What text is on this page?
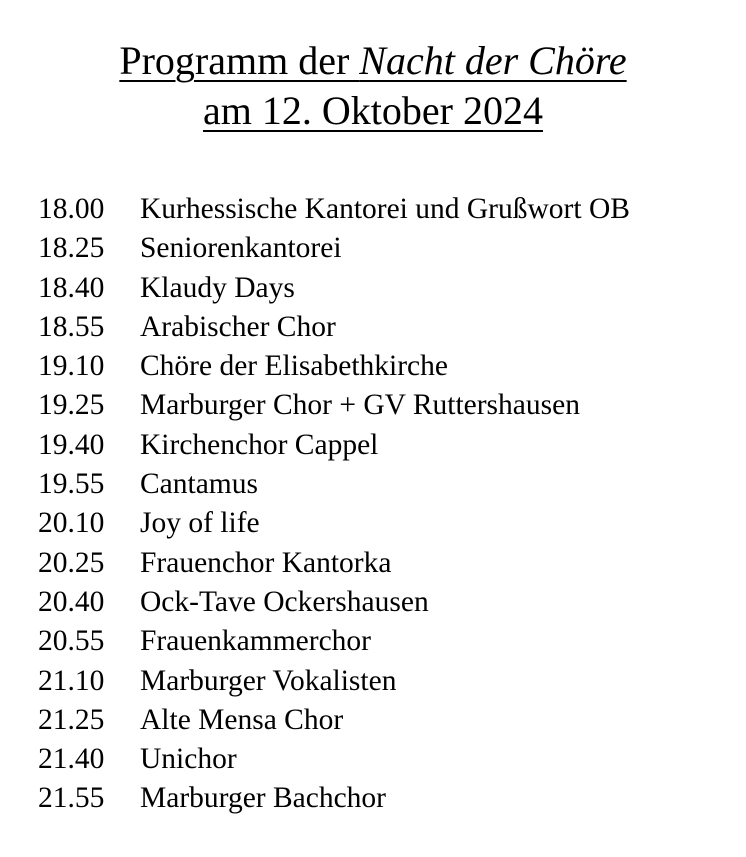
Programm der Nacht der Chöre
am 12. Oktober 2024
18.00	Kurhessische Kantorei und Grußwort OB
18.25	Seniorenkantorei
18.40	Klaudy Days
18.55	Arabischer Chor
19.10	Chöre der Elisabethkirche
19.25	Marburger Chor + GV Ruttershausen
19.40	Kirchenchor Cappel
19.55	Cantamus
20.10	Joy of life
20.25	Frauenchor Kantorka
20.40	Ock-Tave Ockershausen
20.55	Frauenkammerchor
21.10	Marburger Vokalisten
21.25	Alte Mensa Chor
21.40	Unichor
21.55	Marburger Bachchor
